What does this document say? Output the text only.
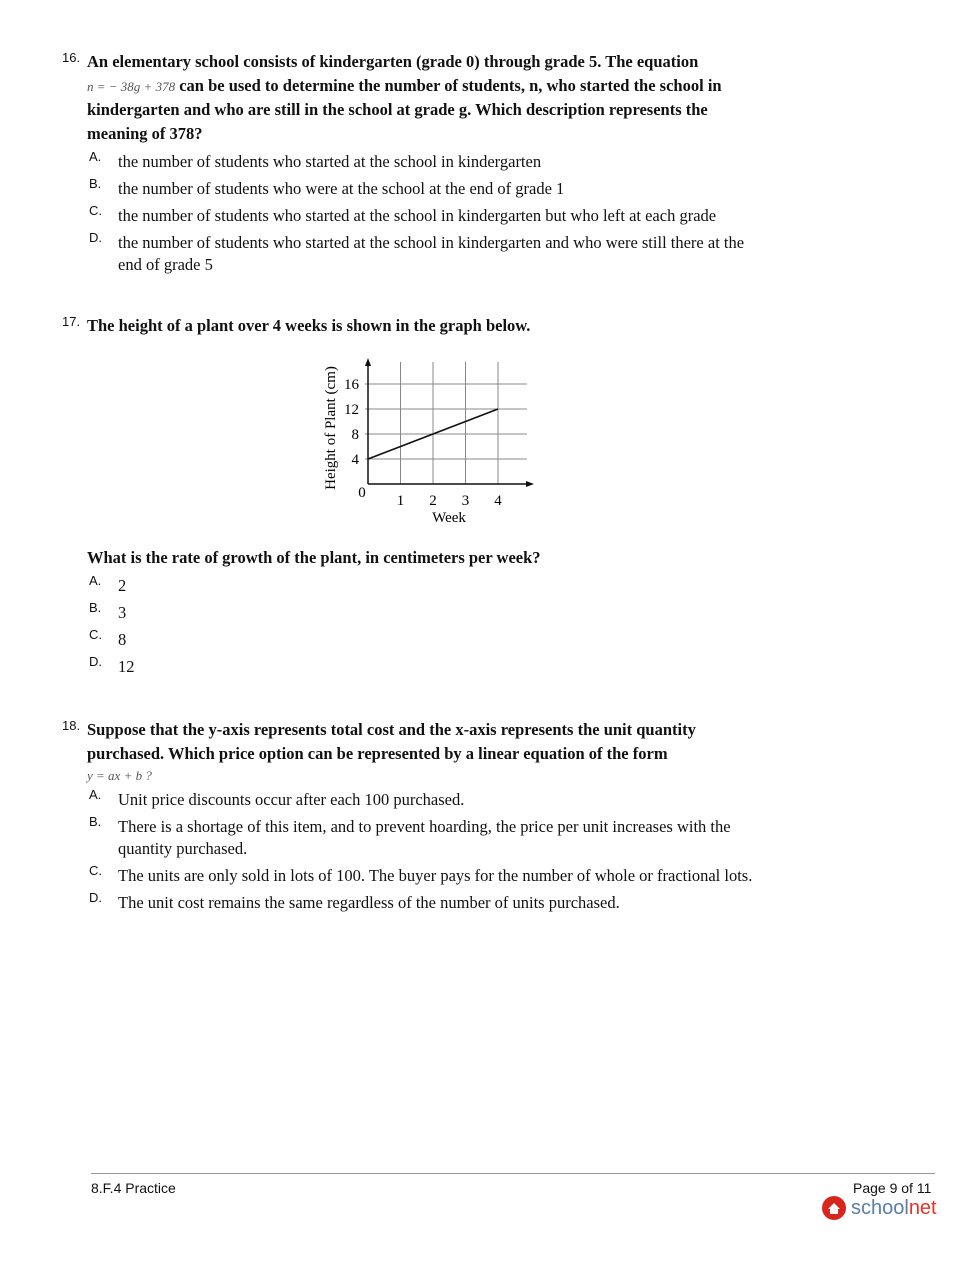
16. An elementary school consists of kindergarten (grade 0) through grade 5. The equation
n = − 38g + 378 can be used to determine the number of students, n, who started the school in kindergarten and who are still in the school at grade g. Which description represents the meaning of 378?
A. the number of students who started at the school in kindergarten
B. the number of students who were at the school at the end of grade 1
C. the number of students who started at the school in kindergarten but who left at each grade
D. the number of students who started at the school in kindergarten and who were still there at the end of grade 5
17. The height of a plant over 4 weeks is shown in the graph below.
4
8
12
16
0 1 2 3 4
Height of Plant (cm)
Week
What is the rate of growth of the plant, in centimeters per week?
A. 2
B. 3
C. 8
D. 12
18. Suppose that the y-axis represents total cost and the x-axis represents the unit quantity purchased. Which price option can be represented by a linear equation of the form
y = ax + b ?
A. Unit price discounts occur after each 100 purchased.
B. There is a shortage of this item, and to prevent hoarding, the price per unit increases with the quantity purchased.
C. The units are only sold in lots of 100. The buyer pays for the number of whole or fractional lots.
D. The unit cost remains the same regardless of the number of units purchased.
8.F.4 Practice	Page 9 of 11
schoolnet
